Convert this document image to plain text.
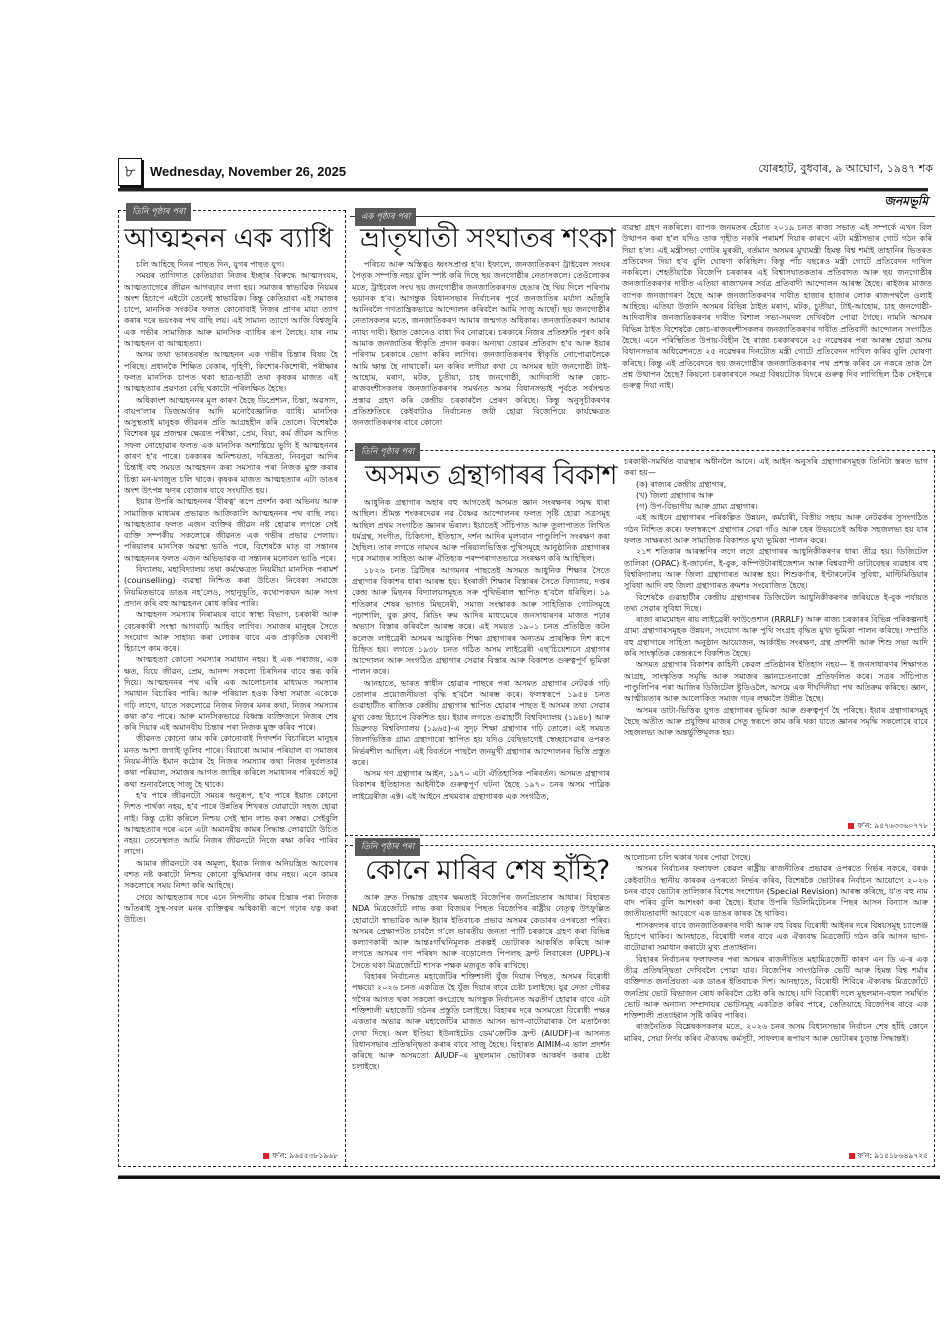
৮	Wednesday, November 26, 2025	যোৰহাট, বুধবাৰ, ৯ আঘোণ, ১৯৪৭ শক
জনমভূমি
তিনি পৃষ্ঠাৰ পৰা
আত্মহনন এক ব্যাধি

চলি আহিছে দিনৰ পাছত দিন, যুগৰ পাছত যুগ।

সময়ৰ তাগিদাত কেতিয়াবা নিজৰ ইচ্ছাৰ বিৰুদ্ধে আত্মসংযম, আত্মত্যাগেৰে জীৱন আগবঢ়াব লগা হয়। সমাজৰ স্বাভাৱিক নিয়মৰ অংশ হিচাপে এইটো তেনেই স্বাভাৱিক। কিন্তু কেতিয়াবা এই সমাজৰ চাপে, মানসিক সংকটৰ ফলত কোনোবাই নিজৰ প্ৰাণৰ মায়া ত্যাগ কৰাৰ দৰে ভয়ংকৰ পথ বাছি লয়। এই সামান্য ত্যাগে আজি বিশ্বজুৰি এক গভীৰ সামাজিক আৰু মানসিক ব্যাধিৰ ৰূপ লৈছে। যাৰ নাম আত্মহনন বা আত্মহত্যা।

অসম তথা ভাৰতবৰ্ষত আত্মহনন এক গভীৰ চিন্তাৰ বিষয় হৈ পৰিছে। প্ৰধানকৈ শিক্ষিত বেকাৰ, গৃহিণী, কিশোৰ-কিশোৰী, পৰীক্ষাৰ ফলত মানসিক চাপত থকা ছাত্ৰ-ছাত্ৰী তথা কৃষকৰ মাজত এই আত্মহত্যাৰ প্ৰৱণতা বেছি থকাটো পৰিলক্ষিত হৈছে।

অধিকাংশ আত্মহননৰ মূল কাৰণ হৈছে ডিপ্ৰেশ্যন, চিন্তা, অৱসাদ, বায়প'লাৰ ডিজঅৰ্ডাৰ আদি মনোবৈজ্ঞানিক ব্যাধি। মানসিক অসুস্থতাই মানুহক জীৱনৰ প্ৰতি আগ্ৰহহীন কৰি তোলে। বিশেষকৈ বিশেষৰ যুৱ প্ৰজন্মৰ ক্ষেত্ৰত পৰীক্ষা, প্ৰেম, বিয়া, কৰ্ম জীৱন আদিত সফল নোহোৱাৰ ফলত এক মানসিক অশান্তিয়ে ভুগি ই আত্মহননৰ কাৰণ হ'ব পাৰে। চৰকাৰৰ অনিশ্চয়তা, দৰিদ্ৰতা, নিবনুৱা আদিৰ চিন্তাই বহু সময়ত আত্মহনন কৰা সমস্যাৰ পৰা নিজক মুক্ত কৰাৰ চিন্তা মন-মগজুত চলি থাকে। কৃষকৰ মাজত আত্মহত্যাৰ এটা ডাঙৰ অংশ উৎপন্ন ঋণৰ বোজাৰ বাবে সংঘটিত হয়।

ইয়াৰ উপৰি আত্মহননৰ 'বীৰত্ব' ৰূপে প্ৰদৰ্শন কৰা অভিনয় আৰু সামাজিক মাধ্যমৰ প্ৰভাৱত আজিকালি আত্মহননৰ পথ বাছি লয়। আত্মহত্যাৰ ফলত এজন ব্যক্তিৰ জীৱন নষ্ট হোৱাৰ লগতে সেই ব্যক্তি সম্পৰ্কীয় সকলোৰে জীৱনত এক গভীৰ প্ৰভাৱ পেলায়। পৰিয়ালৰ মানসিক অৱস্থা ভাঙি পৰে, বিশেষকৈ মাতৃ বা সন্তানৰ আত্মহননৰ ফলত এজন অভিভাৱক বা সন্তানৰ মনোবল ভাঙি পৰে।

বিদ্যালয়, মহাবিদ্যালয় তথা কৰ্মক্ষেত্ৰত নিয়মীয়া মানসিক পৰামৰ্শ (counselling) ব্যৱস্থা নিশ্চিত কৰা উচিত। নিবেকা সমাজে নিয়মিতভাৱে ডাঙৰ নহ'লেও, সহানুভূতি, কথোপকথন আৰু সংগ প্ৰদান কৰি বহু আত্মহনন ৰোধ কৰিব পাৰি।

আত্মহনন সমস্যাৰ নিৰাময়ৰ বাবে স্বাস্থ্য বিভাগ, চৰকাৰী আৰু বেচৰকাৰী সংস্থা আগবাঢ়ি আহিব লাগিব। সমাজৰ মানুহৰ সৈতে সংযোগ আৰু সাহায্য কৰা লোকৰ বাবে এক প্ৰাকৃতিক থেৰাপী হিচাপে কাম কৰে।

আত্মহত্যা কোনো সমস্যাৰ সমাধান নহয়। ই এক পৰাজয়, এক ক্ষত, যিয়ে জীৱন, প্ৰেম, আনন্দ সকলো চিৰদিনৰ বাবে স্তব্ধ কৰি দিয়ে। আত্মহননৰ পথ এৰি এক আলোচনাৰ মাধ্যমত সমস্যাৰ সমাধান বিচাৰিব পাৰি। আৰু পৰিয়াল হওক কিম্বা সমাজ একেকে গঢ়ি লাগে, যাতে সকলোৱে নিজৰ নিজৰ মনৰ কথা, নিজৰ সমস্যাৰ কথা ক'ব পাৰে। আৰু মানসিকভাৱে বিধ্বস্ত ব্যক্তিজনে নিজৰ শেষ কৰি দিয়াৰ এই অমানবীয় চিন্তাৰ পৰা নিজক মুক্ত কৰিব পাৰে।

জীৱনত কোনো কাম কৰি কোনোবাই দিগদৰ্শন বিচাৰিলে মানুহৰ মনত আশা জগাই তুলিব পাৰে। বিয়াৰো আমাৰ পৰিয়াল বা সমাজৰ নিয়ম-নীতি ইমান কঠোৰ হৈ নিজৰ সমস্যাৰ কথা নিজৰ দুৰ্বলতাৰ কথা পৰিয়াল, সমাজৰ আগত জাহিৰ কৰিলে সমাধানৰ পৰিবৰ্তে কটু কথা শুনাবলৈহে সাজু হৈ থাকে।

হ'ব পাৰে জীৱনটো সময়ৰ অনুৰূপ, হ'ব পাৰে ইয়াত কোনো দিশত পাৰ্থক্য নহয়, হ'ব পাৰে উন্নতিৰ শিখৰত যোৱাটো সহজ হোৱা নাই। কিন্তু চেষ্টা কৰিলে নিশ্চয় সেই স্থান লাভ কৰা সম্ভৱ। সেইবুলি আত্মহত্যাৰ দৰে এনে এটা অমানৱীয় কামৰ সিদ্ধান্ত লোৱাটো উচিত নহয়। তেনেস্থলত আমি নিজৰ জীৱনটো নিজে ৰক্ষা কৰিব পাৰিব লাগে।

আমাৰ জীৱনটো বৰ অমূল্য, ইয়াক নিজৰ অনিয়ন্ত্ৰিত আবেগৰ বশত নষ্ট কৰাটো নিশ্চয় কোনো বুদ্ধিমানৰ কাম নহয়। এনে কামৰ সকলোৰে সময় নিন্দা কৰি আহিছে।

সেয়ে আত্মহত্যাৰ দৰে এনে নিন্দনীয় কামৰ চিন্তাৰ পৰা নিজক আঁতৰাই সুস্থ-সবল মনৰ ব্যক্তিত্বৰ অধিকাৰী ৰূপে গঢ়াৰ যত্ন কৰা উচিত।

ফ'ন: ৯৬৫৫৩৮১৯৬৮
এক পৃষ্ঠাৰ পৰা
ভ্ৰাতৃঘাতী সংঘাতৰ শংকা

পৰিচয় আৰু অস্তিত্বও ধ্বংসপ্ৰাপ্ত হ'ব। ইফালে, জনজাতিকৰণ ট্ৰাইবেল সংঘৰ পৈতৃক সম্পত্তি নহয় বুলি স্পষ্ট কৰি দিছে ছয় জনগোষ্ঠীৰ নেতাসকলে। তেওঁলোকৰ মতে, ট্ৰাইবেল সংঘ ছয় জনগোষ্ঠীৰ জনজাতিকৰণত হেঙাৰ হৈ থিয় দিলে পৰিণাম ভয়ানক হ'ব। আগন্তুক বিধানসভাৰ নিৰ্বাচনৰ পূৰ্বে জনজাতিৰ মৰ্যাদা আঁজুৰি আনিবলৈ গণতান্ত্ৰিকভাৱে আন্দোলন কৰিবলৈ আমি সাজু আছোঁ। ছয় জনগোষ্ঠীৰ নেতাসকলৰ মতে, জনজাতিকৰণ আমাৰ জন্মগত অধিকাৰ। জনজাতিকৰণ আমাৰ ন্যায্য দাবী। ইয়াত কোনেও বাধা দিব নোৱাৰে। চৰকাৰে নিজৰ প্ৰতিশ্ৰুতি পূৰণ কৰি আমাক জনজাতিৰ স্বীকৃতি প্ৰদান কৰক। অন্যথা তোৱৰ প্ৰতিবাদ হ'ব আৰু ইয়াৰ পৰিণাম চৰকাৰে ভোগ কৰিব লাগিব। জনজাতিকৰণৰ স্বীকৃতি নোপোৱালৈকে আমি ক্ষান্ত হৈ নাথাকোঁ। মন কৰিব লগীয়া কথা যে অসমৰ ছটা জনগোষ্ঠী টাই-আহোম, মৰাণ, মটক, চুতীয়া, চাহ জনগোষ্ঠী, আদিবাসী আৰু কোচ-ৰাজবংশীসকলৰ জনজাতিকৰণৰ সমৰ্থনত অসম বিধানসভাই পূৰ্বতে সৰ্বসন্মত প্ৰস্তাৱ গ্ৰহণ কৰি কেন্দ্ৰীয় চৰকাৰলৈ প্ৰেৰণ কৰিছে। কিন্তু অনুসূচীকৰণৰ প্ৰতিশ্ৰুতিৰে কেইবাটাও নিৰ্বাচনত জয়ী হোৱা বিজেপিয়ে কাৰ্যক্ষেত্ৰত জনজাতিকৰণৰ বাবে কোনো

ব্যৱস্থা গ্ৰহণ নকৰিলে। ব্যাপক জনমতৰ হেঁচাত ২০১৯ চনত ৰাজ্য সভাত এই সম্পৰ্কে এখন বিল উত্থাপন কৰা হ'ল যদিও তাক গৃহীত নকৰি পৰামৰ্শ দিয়াৰ কাৰণে এটা মন্ত্ৰীসভাৰ গোট গঠন কৰি দিয়া হ'ল। এই মন্ত্ৰীসভা গোটৰ মুৰব্বী, বৰ্তমান অসমৰ মুখ্যমন্ত্ৰী হিমন্ত বিশ্ব শৰ্মাই তাহানিৰ ভিতৰত প্ৰতিবেদন দিয়া হ'ব বুলি ঘোষণা কৰিছিল। কিন্তু পাঁচ বছৰেও মন্ত্ৰী গোটে প্ৰতিবেদন দাখিল নকৰিলে। শেহতীয়াকৈ বিজেপি চৰকাৰৰ এই বিশ্বাসঘাতকতাৰ প্ৰতিবাদত আৰু ছয় জনগোষ্ঠীৰ জনজাতিকৰণৰ দাবীত এতিয়া ৰাজ্যখনৰ সৰ্বত্ৰ প্ৰতিবাদী আন্দোলন আৰম্ভ হৈছে। ৰাইজৰ মাজত ব্যাপক জনজাগৰণ হৈছে আৰু জনজাতিকৰণৰ দাবীত হাজাৰ হাজাৰ লোক ৰাজপথলৈ ওলাই আহিছে। এতিয়া উজনি অসমৰ বিভিন্ন ঠাইত মৰাণ, মটক, চুতীয়া, টাই-আহোম, চাহ জনগোষ্ঠী-আদিবাসীৰ জনজাতিকৰণৰ দাবীত বিশাল সভা-সমদল দেখিবলৈ পোৱা গৈছে। নামনি অসমৰ বিভিন্ন ঠাইত বিশেষকৈ কোচ-ৰাজবংশীসকলৰ জনজাতিকৰণৰ দাবীত প্ৰতিবাদী আন্দোলন সংগঠিত হৈছে। এনে পৰিস্থিতিত উপায়-বিহীন হৈ ৰাজ্য চৰকাৰখনে ২৫ নৱেম্বৰৰ পৰা আৰম্ভ হোৱা অসম বিধানসভাৰ অধিৱেশনতে ২৫ নৱেম্বৰৰ দিনটোত মন্ত্ৰী গোটে প্ৰতিবেদন দাখিল কৰিব বুলি ঘোষণা কৰিছে। কিন্তু এই প্ৰতিবেদনে ছয় জনগোষ্ঠীৰ জনজাতিকৰণৰ পথ প্ৰশস্ত কৰিব নে নকৰে তাক লৈ প্ৰশ্ন উত্থাপন হৈছে? কিয়নো চৰকাৰখনে সমগ্ৰ বিষয়টোক যিদৰে গুৰুত্ব দিব লাগিছিল ঠিক সেইদৰে গুৰুত্ব দিয়া নাই।

তিনি পৃষ্ঠাৰ পৰা
অসমত গ্ৰন্থাগাৰৰ বিকাশ

আধুনিক গ্ৰন্থাগাৰ অহাৰ বহু আগতেই অসমত জ্ঞান সংৰক্ষণৰ সমৃদ্ধ ধাৰা আছিল। শ্ৰীমন্ত শংকৰদেৱৰ নৱ বৈষ্ণৱ আন্দোলনৰ ফলত সৃষ্টি হোৱা সত্ৰসমূহ আছিল প্ৰথম সংগঠিত জ্ঞানৰ ভঁৰাল। ইয়াতেই সাঁচিপাত আৰু তুলাপাতত লিখিত ধৰ্মগ্ৰন্থ, সংগীত, চিকিৎসা, ইতিহাস, দৰ্শন আদিৰ মূল্যবান পাণ্ডুলিপি সংৰক্ষণ কৰা হৈছিল। তাৰ লগতে নামঘৰ আৰু পৰিয়ালভিত্তিক পুথিসমূহে আনুষ্ঠানিক গ্ৰন্থাগাৰৰ দৰে সমাজৰ সাহিত্য আৰু ঐতিহ্যক পৰম্পৰাগতভাৱে সংৰক্ষণ কৰি আহিছিল।

১৮২৬ চনত ব্ৰিটিছৰ আগমনৰ পাছতেই অসমত আধুনিক শিক্ষাৰ সৈতে গ্ৰন্থাগাৰ বিকাশৰ ধাৰা আৰম্ভ হয়। ইংৰাজী শিক্ষাৰ বিস্তাৰৰ সৈতে বিদ্যালয়, দপ্তৰ কেন্দ্ৰ আৰু মিছনৰ বিদ্যালয়সমূহত সৰু পুথিভঁৰাল স্থাপিত হ'বলৈ ধৰিছিল। ১৯ শতিকাৰ শেষৰ ভাগত মিছনেৰী, সমাজ সংস্কাৰক আৰু সাহিত্যিক গোটসমূহে পঢ়াশালি, বুক ক্লাব, ৰিডিং ৰুম আদিৰ মাধ্যমেৰে জনসাধাৰণৰ মাজত পঢ়াৰ অভ্যাস বিস্তাৰ কৰিবলৈ আৰম্ভ কৰে। এই সময়ত ১৯০১ চনত প্ৰতিষ্ঠিত কটন কলেজ লাইব্ৰেৰী অসমৰ আধুনিক শিক্ষা গ্ৰন্থাগাৰৰ অন্যতম প্ৰাৰম্ভিক দিশ ৰূপে চিহ্নিত হয়। লগতে ১৯৩৮ চনত গঠিত অসম লাইব্ৰেৰী এছ'চিয়েশ্যনে গ্ৰন্থাগাৰ আন্দোলন আৰু সংগঠিত গ্ৰন্থাগাৰ সেৱাৰ বিস্তাৰ আৰু বিকাশত গুৰুত্বপূৰ্ণ ভূমিকা পালন কৰে।

আনহাতে, ভাৰত স্বাধীন হোৱাৰ পাছৰে পৰা অসমত গ্ৰন্থাগাৰ নেটৱৰ্ক গঢ়ি তোলাৰ প্ৰয়োজনীয়তা বৃদ্ধি হ'বলৈ আৰম্ভ কৰে। ফলস্বৰূপে ১৯৫৪ চনত গুৱাহাটীত ৰাজ্যিক কেন্দ্ৰীয় গ্ৰন্থাগাৰ স্থাপিত হোৱাৰ পাছত ই অসমৰ তথ্য সেৱাৰ মুখ্য কেন্দ্ৰ হিচাপে বিকশিত হয়। ইয়াৰ লগতে গুৱাহাটী বিশ্ববিদ্যালয় (১৯৪৮) আৰু ডিব্ৰুগড় বিশ্ববিদ্যালয় (১৯৬৫)-এ সুদৃঢ় শিক্ষা গ্ৰন্থাগাৰ গঢ়ি তোলে। এই সময়ত জিলাভিত্তিক গ্ৰাম্য গ্ৰন্থাগাৰো স্থাপিত হয় যদিও বেছিভাগেই স্বেচ্ছাসেৱাৰ ওপৰত নিৰ্ভৰশীল আছিল। এই বিবৰ্তনে পাছলৈ জনমুখী গ্ৰন্থাগাৰ আন্দোলনৰ ভিত্তি প্ৰস্তুত কৰে।

অসম গণ গ্ৰন্থাগাৰ আইন, ১৯৭০ এটা ঐতিহাসিক পৰিবৰ্তন। অসমত গ্ৰন্থাগাৰ বিকাশৰ ইতিহাসত আইনীকৈ গুৰুত্বপূৰ্ণ ঘটনা হৈছে ১৯৭০ চনৰ অসম পাব্লিক লাইব্ৰেৰীজ এক্ট। এই আইনে প্ৰথমবাৰ গ্ৰন্থাগাৰক এক সংগঠিত,

চৰকাৰী-সমৰ্থিত ব্যৱস্থাৰ অধীনলৈ আনে। এই আইন অনুসৰি গ্ৰন্থাগাৰসমূহক তিনিটা স্তৰত ভাগ কৰা হয়—

(ক) ৰাজ্যৰ কেন্দ্ৰীয় গ্ৰন্থাগাৰ,

(খ) জিলা গ্ৰন্থাগাৰ আৰু

(গ) উপ-বিভাগীয় আৰু গ্ৰাম্য গ্ৰন্থাগাৰ।

এই আইনে গ্ৰন্থাগাৰৰ পৰিকল্পিত উন্নয়ন, কৰ্মচাৰী, বিত্তীয় সহায় আৰু নেটৱৰ্কৰ সুসংগঠিত গঠন নিশ্চিত কৰে। ফলস্বৰূপে গ্ৰন্থাগাৰ সেৱা গাঁও আৰু চহৰ উভয়তেই অধিক সহজলভ্য হয় যাৰ ফলত সাক্ষৰতা আৰু সামাজিক বিকাশত মুখ্য ভূমিকা পালন কৰে।

২১শ শতিকাৰ আৰম্ভণিৰ লগে লগে গ্ৰন্থাগাৰৰ আধুনিকীকৰণৰ ধাৰা তীব্ৰ হয়। ডিজিটেল তালিকা (OPAC) ই-জাৰ্নেল, ই-বুক, কম্পিউটাৰাইজেশ্যন আৰু বিশ্বব্যাপী ডাটাবেছৰ ব্যৱহাৰ বহু বিশ্ববিদ্যালয় আৰু জিলা গ্ৰন্থাগাৰত আৰম্ভ হয়। শিশুকৰ্ণাৰ, ইণ্টাৰনেটৰ সুবিধা, মাল্টিমিডিয়াৰ সুবিধা আদি বহু জিলা গ্ৰন্থাগাৰত ক্ৰমশঃ সংযোজিত হৈছে।

বিশেষকৈ গুৱাহাটীৰ কেন্দ্ৰীয় গ্ৰন্থাগাৰৰ ডিজিটেল আধুনিকীকৰণৰ জৰিয়তে ই-বুক পৰ্যায়ত তথ্য সেৱাৰ সুবিধা দিছে।

ৰাজা ৰামমোহন ৰায় লাইব্ৰেৰী ফাউণ্ডেশ্যন (RRRLF) আৰু ৰাজ্য চৰকাৰৰ বিভিন্ন পৰিকল্পনাই গ্ৰাম্য গ্ৰন্থাগাৰসমূহক উন্নয়ন, সংযোগ আৰু পুথি সংগ্ৰহ বৃদ্ধিত মুখ্য ভূমিকা পালন কৰিছে। সম্প্ৰতি বহু গ্ৰন্থাগাৰে সাহিত্য অনুষ্ঠান আয়োজন, আৰ্কাইভ সংৰক্ষণ, গ্ৰন্থ প্ৰদৰ্শনী আৰু শিশু সভা আদি কৰি সাংস্কৃতিক কেন্দ্ৰৰূপে বিকশিত হৈছে।

অসমত গ্ৰন্থাগাৰ বিকাশৰ কাহিনী কেৱল প্ৰতিষ্ঠানৰ ইতিহাস নহয়— ই জনসাধাৰণৰ শিক্ষাগত আগ্ৰহ, সাংস্কৃতিক সমৃদ্ধি আৰু সমাজৰ জ্ঞানচেতনাকো প্ৰতিফলিত কৰে। সত্ৰৰ সাঁচিপাত পাণ্ডুলিপিৰ পৰা আজিৰ ডিজিটেল ষ্টুডিওলৈ, অসমে এক দীৰ্ঘদিনীয়া পথ অতিক্ৰম কৰিছে। জ্ঞান, আত্মীয়তাৰ আৰু আলোকিত সমাজ গঢ়ৰ লক্ষ্যলৈ উন্নীত হৈছে।

অসমৰ ডাটা-ভিত্তিক যুগত গ্ৰন্থাগাৰৰ ভূমিকা আৰু গুৰুত্বপূৰ্ণ হৈ পৰিছে। ইয়াৰ গ্ৰন্থাগাৰসমূহ হৈছে অতীত আৰু প্ৰযুক্তিৰ মাজৰ সেতু স্বৰূপে কাম কৰি থকা যাতে জ্ঞানৰ সমৃদ্ধি সকলোৰে বাবে সহজলভ্য আৰু অন্তৰ্ভুক্তিমূলক হয়।

ফ'ন: ৯৫৭৬৩৩৬০৭৭৮
তিনি পৃষ্ঠাৰ পৰা
কোনে মাৰিব শেষ হাঁহি?

আৰু দ্ৰুত সিদ্ধান্ত গ্ৰহণৰ ক্ষমতাই বিজেপিৰ জনপ্ৰিয়তাৰ আধাৰ। বিহাৰত NDA মিত্ৰজোঁটে লাভ কৰা বিজয়ৰ পিছত বিজেপিৰ ৰাষ্ট্ৰীয় নেতৃত্ব উৎফুল্লিত হোৱাটো স্বাভাৱিক আৰু ইয়াৰ ইতিবাচক প্ৰভাৱ অসমৰ কেডাৰৰ ওপৰতো পৰিব। অসমৰ প্ৰেক্ষাপটত চাবলৈ গ'লে ভাৰতীয় জনতা পাৰ্টি চৰকাৰে গ্ৰহণ কৰা বিভিন্ন কল্যাণকাৰী আৰু আন্তঃগাঁথনিমূলক প্ৰকল্পই ভোটাৰক আকৰ্ষিত কৰিছে আৰু লগতে অসমৰ গণ পৰিষদ আৰু বড়োলেণ্ড পিপলছ ফ্ৰণ্ট লিবাৰেল (UPPL)-ৰ সৈতে থকা মিত্ৰজোঁটে শাসক পক্ষক মজবুত কৰি ৰাখিছে।

বিহাৰৰ নিৰ্বাচনত মহাজোঁটৰ শক্তিশালী যুঁজ দিয়াৰ পিছত, অসমৰ বিৰোধী পক্ষয়ো ২০২৬ চনত একত্ৰিত হৈ যুঁজ দিয়াৰ বাবে চেষ্টা চলাইছে। যুৱ নেতা গৌৰৱ গগৈৰ আগত থকা সকলো কংগ্ৰেছে আগন্তুক নিৰ্বাচনত অৱতীৰ্ণ হোৱাৰ বাবে এটা শক্তিশালী মহাজোঁট গঠনৰ প্ৰস্তুতি চলাইছে। বিহাৰৰ দৰে অসমতো বিৰোধী পক্ষৰ একতাৰ অভাৱ আৰু মহাজোঁটৰ মাজত আসন ভাগ-বাটোৱাৰাক লৈ মতানৈক্য দেখা দিছে। অল ইণ্ডিয়া ইউনাইটেড ডেম'ক্ৰেটিক ফ্ৰণ্ট (AIUDF)-ৰ আসনত বিধানসভাৰ প্ৰতিদ্বন্দ্বিতা কৰাৰ বাবে সাজু হৈছে। বিহাৰত AIMIM-এ ভাল প্ৰদৰ্শন কৰিছে আৰু অসমতো AIUDF-এ মুছলমান ভোটাৰক আকৰ্ষণ কৰাৰ চেষ্টা চলাইছে।

আলোচনা চলি থকাৰ খবৰ পোৱা গৈছে।

অসমৰ নিৰ্বাচনৰ ফলাফল কেৱল ৰাষ্ট্ৰীয় ৰাজনীতিৰ প্ৰভাৱৰ ওপৰতে নিৰ্ভৰ নকৰে, বৰঞ্চ কেইবাটাও স্থানীয় কাৰকৰ ওপৰতো নিৰ্ভৰ কৰিব, বিশেষকৈ ভোটাৰৰ নিৰ্বাচন আয়োগে ২০২৬ চনৰ বাবে ভোটাৰ তালিকাৰ বিশেষ সংশোধন (Special Revision) আৰম্ভ কৰিছে, য'ত বহু নাম বাদ পৰিব বুলি আশংকা কৰা হৈছে। ইয়াৰ উপৰি ডিলিমিটেচনৰ পিছৰ আসন বিন্যাস আৰু জাতীয়তাবাদী আবেগে এক ডাঙৰ কাৰক হৈ থাকিব।

শাসকদলৰ বাবে জনজাতিকৰণৰ দাবী আৰু বহু বিষয় বিৰোধী আইনৰ দৰে বিষয়সমূহ চ্যালেঞ্জ হিচাপে থাকিব। আনহাতে, বিৰোধী দলৰ বাবে এক ঐক্যবদ্ধ মিত্ৰজোঁট গঠন কৰি আসন ভাগ-বাটোৱাৰা সমাধান কৰাটো মুখ্য প্ৰত্যাহ্বান।

বিহাৰৰ নিৰ্বাচনৰ ফলাফলৰ পৰা অসমৰ ৰাজনীতিত মহামিত্ৰজোঁট কাৰণ এন ডি এ-ৰ এক তীব্ৰ প্ৰতিদ্বন্দ্বিতা দেখিবলৈ পোৱা যাব। বিজেপিৰ সাংগঠনিক ভেটি আৰু হিমন্ত বিশ্ব শৰ্মাৰ ব্যক্তিগত জনপ্ৰিয়তা এক ডাঙৰ ইতিবাচক দিশ। আনহাতে, বিৰোধী শিবিৰে ঐক্যবদ্ধ মিত্ৰজোঁটে জনপ্ৰিয় ভোট বিভাজন ৰোধ কৰিবলৈ চেষ্টা কৰি আছে। যদি বিৰোধী দলে মুছলমান-বহুল সমৰ্থিত ভোট আৰু অন্যান্য সম্প্ৰদায়ৰ ভোটসমূহ একত্ৰিত কৰিব পাৰে, তেতিয়াহে বিজেপিৰ বাবে এক শক্তিশালী প্ৰত্যাহ্বান সৃষ্টি কৰিব পাৰিব।

ৰাজনৈতিক বিশ্লেষকসকলৰ মতে, ২০২৬ চনৰ অসম বিধানসভাৰ নিৰ্বাচন শেষ হাঁহি কোনে মাৰিব, সেয়া নিৰ্ণয় কৰিব ঐক্যবদ্ধ কৰ্মসূচী, সাফল্যৰ ৰূপায়ণ আৰু ভোটাৰৰ চূড়ান্ত সিদ্ধান্তই।

ফ'ন: ৯১৫১৮৬৪৯৭২৫
